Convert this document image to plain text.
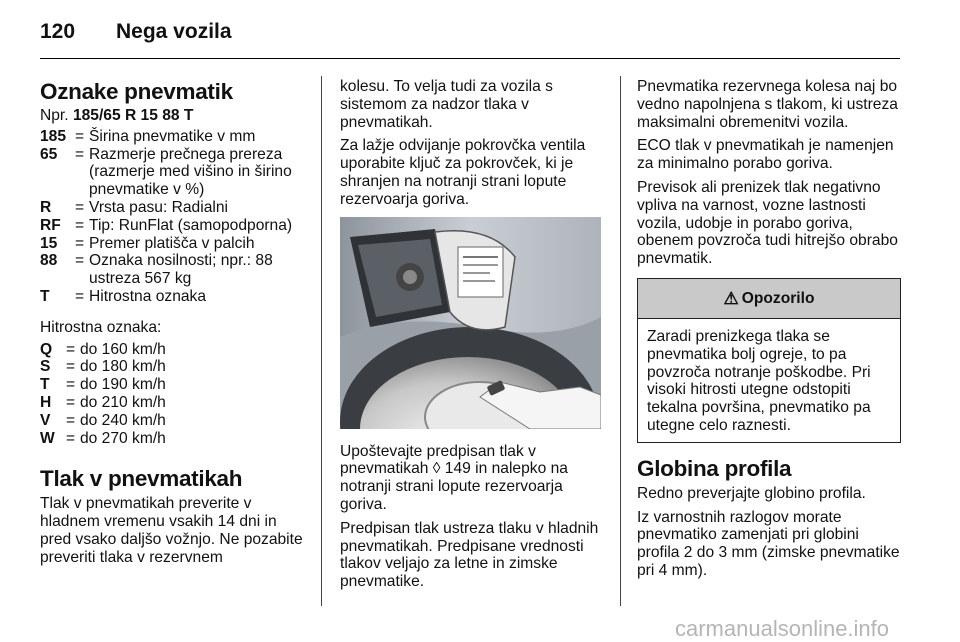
120 Nega vozila
Oznake pnevmatik

Npr. 185/65 R 15 88 T

185 = Širina pnevmatike v mm
65	= Razmerje prečnega prereza (razmerje med višino in širino pnevmatike v %)
R	= Vrsta pasu: Radialni
RF = Tip: RunFlat (samopodporna)
15	= Premer platišča v palcih
88	= Oznaka nosilnosti; npr.: 88 ustreza 567 kg
T	= Hitrostna oznaka

Hitrostna oznaka:

Q = do 160 km/h
S = do 180 km/h
T	= do 190 km/h
H = do 210 km/h
V = do 240 km/h
W = do 270 km/h
Tlak v pnevmatikah

Tlak v pnevmatikah preverite v hladnem vremenu vsakih 14 dni in pred vsako daljšo vožnjo. Ne pozabite preveriti tlaka v rezervnem

kolesu. To velja tudi za vozila s sistemom za nadzor tlaka v pnevmatikah.

Za lažje odvijanje pokrovčka ventila uporabite ključ za pokrovček, ki je shranjen na notranji strani lopute rezervoarja goriva.

Upoštevajte predpisan tlak v pnevmatikah ◊ 149 in nalepko na notranji strani lopute rezervoarja goriva.

Predpisan tlak ustreza tlaku v hladnih pnevmatikah. Predpisane vrednosti tlakov veljajo za letne in zimske pnevmatike.

Pnevmatika rezervnega kolesa naj bo vedno napolnjena s tlakom, ki ustreza maksimalni obremenitvi vozila.

ECO tlak v pnevmatikah je namenjen za minimalno porabo goriva.

Previsok ali prenizek tlak negativno vpliva na varnost, vozne lastnosti vozila, udobje in porabo goriva, obenem povzroča tudi hitrejšo obrabo pnevmatik.

⚠ Opozorilo
Zaradi prenizkega tlaka se pnevmatika bolj ogreje, to pa povzroča notranje poškodbe. Pri visoki hitrosti utegne odstopiti tekalna površina, pnevmatiko pa utegne celo raznesti.
Globina profila

Redno preverjajte globino profila.

Iz varnostnih razlogov morate pnevmatiko zamenjati pri globini profila 2 do 3 mm (zimske pnevmatike pri 4 mm).

carmanualsonline.info
